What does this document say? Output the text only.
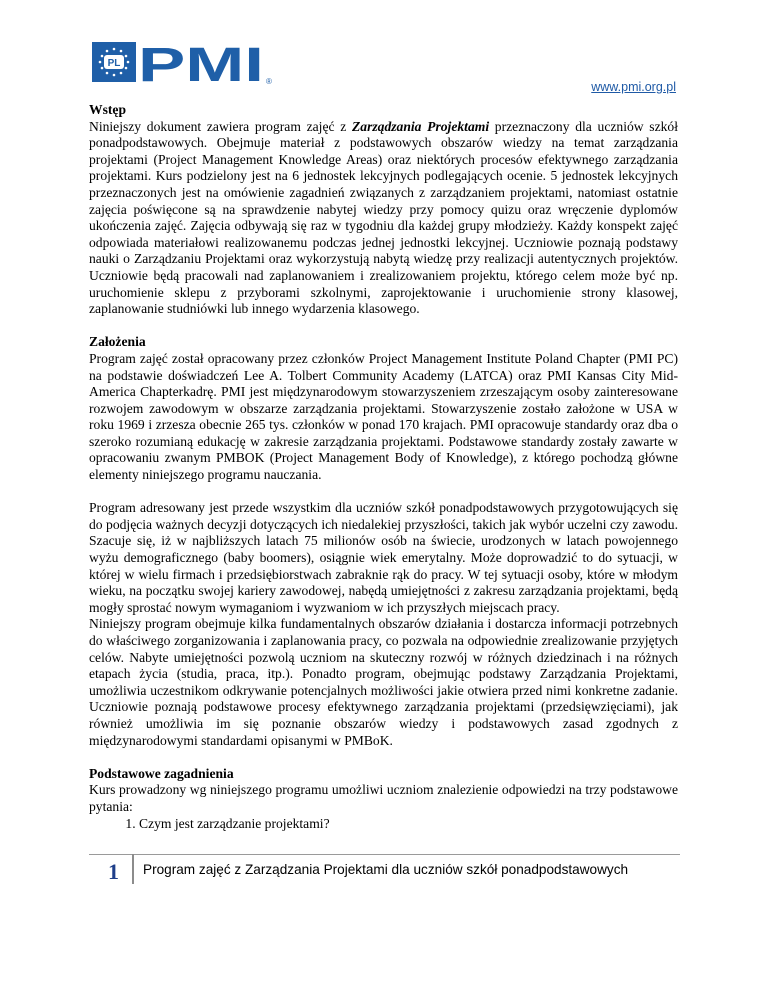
PL PMI ®	www.pmi.org.pl

Wstęp

Niniejszy dokument zawiera program zajęć z Zarządzania Projektami przeznaczony dla uczniów szkół ponadpodstawowych. Obejmuje materiał z podstawowych obszarów wiedzy na temat zarządzania projektami (Project Management Knowledge Areas) oraz niektórych procesów efektywnego zarządzania projektami. Kurs podzielony jest na 6 jednostek lekcyjnych podlegających ocenie. 5 jednostek lekcyjnych przeznaczonych jest na omówienie zagadnień związanych z zarządzaniem projektami, natomiast ostatnie zajęcia poświęcone są na sprawdzenie nabytej wiedzy przy pomocy quizu oraz wręczenie dyplomów ukończenia zajęć. Zajęcia odbywają się raz w tygodniu dla każdej grupy młodzieży. Każdy konspekt zajęć odpowiada materiałowi realizowanemu podczas jednej jednostki lekcyjnej. Uczniowie poznają podstawy nauki o Zarządzaniu Projektami oraz wykorzystują nabytą wiedzę przy realizacji autentycznych projektów. Uczniowie będą pracowali nad zaplanowaniem i zrealizowaniem projektu, którego celem może być np. uruchomienie sklepu z przyborami szkolnymi, zaprojektowanie i uruchomienie strony klasowej, zaplanowanie studniówki lub innego wydarzenia klasowego.

Założenia

Program zajęć został opracowany przez członków Project Management Institute Poland Chapter (PMI PC) na podstawie doświadczeń Lee A. Tolbert Community Academy (LATCA) oraz PMI Kansas City Mid-America Chapterkadrę. PMI jest międzynarodowym stowarzyszeniem zrzeszającym osoby zainteresowane rozwojem zawodowym w obszarze zarządzania projektami. Stowarzyszenie zostało założone w USA w roku 1969 i zrzesza obecnie 265 tys. członków w ponad 170 krajach. PMI opracowuje standardy oraz dba o szeroko rozumianą edukację w zakresie zarządzania projektami. Podstawowe standardy zostały zawarte w opracowaniu zwanym PMBOK (Project Management Body of Knowledge), z którego pochodzą główne elementy niniejszego programu nauczania.

Program adresowany jest przede wszystkim dla uczniów szkół ponadpodstawowych przygotowujących się do podjęcia ważnych decyzji dotyczących ich niedalekiej przyszłości, takich jak wybór uczelni czy zawodu. Szacuje się, iż w najbliższych latach 75 milionów osób na świecie, urodzonych w latach powojennego wyżu demograficznego (baby boomers), osiągnie wiek emerytalny. Może doprowadzić to do sytuacji, w której w wielu firmach i przedsiębiorstwach zabraknie rąk do pracy. W tej sytuacji osoby, które w młodym wieku, na początku swojej kariery zawodowej, nabędą umiejętności z zakresu zarządzania projektami, będą mogły sprostać nowym wymaganiom i wyzwaniom w ich przyszłych miejscach pracy.

Niniejszy program obejmuje kilka fundamentalnych obszarów działania i dostarcza informacji potrzebnych do właściwego zorganizowania i zaplanowania pracy, co pozwala na odpowiednie zrealizowanie przyjętych celów. Nabyte umiejętności pozwolą uczniom na skuteczny rozwój w różnych dziedzinach i na różnych etapach życia (studia, praca, itp.). Ponadto program, obejmując podstawy Zarządzania Projektami, umożliwia uczestnikom odkrywanie potencjalnych możliwości jakie otwiera przed nimi konkretne zadanie. Uczniowie poznają podstawowe procesy efektywnego zarządzania projektami (przedsięwzięciami), jak również umożliwia im się poznanie obszarów wiedzy i podstawowych zasad zgodnych z międzynarodowymi standardami opisanymi w PMBoK.

Podstawowe zagadnienia

Kurs prowadzony wg niniejszego programu umożliwi uczniom znalezienie odpowiedzi na trzy podstawowe pytania:

1. Czym jest zarządzanie projektami?
1 Program zajęć z Zarządzania Projektami dla uczniów szkół ponadpodstawowych
